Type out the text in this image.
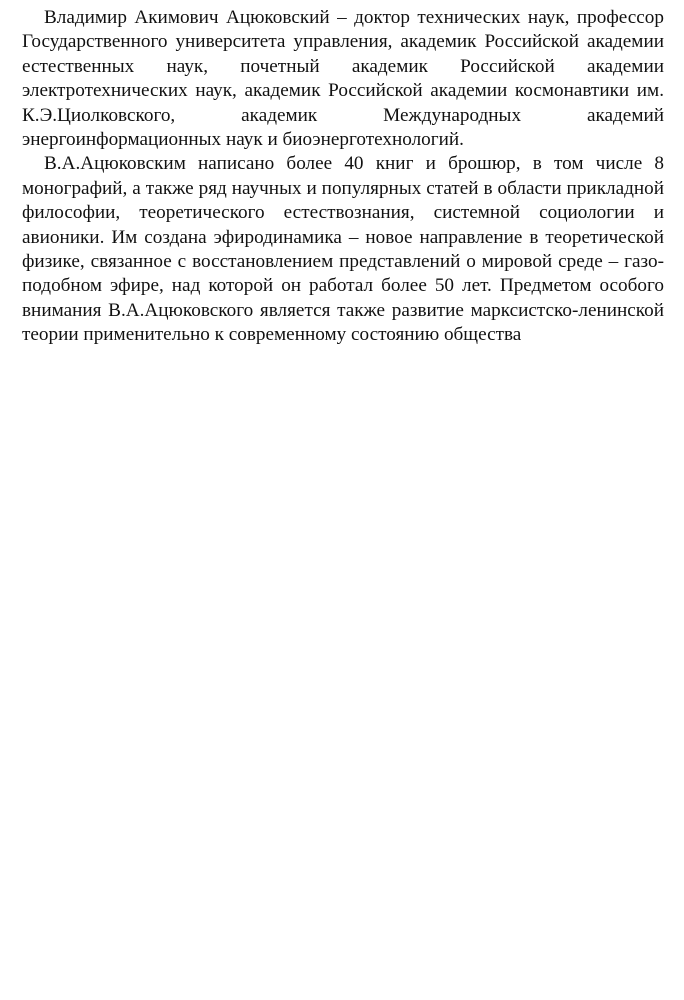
Владимир Акимович Ацюковский – доктор технических наук, профессор Государственного университета управления, академик Российской академии естественных наук, почетный академик Российской академии электротехнических наук, академик Российской академии космонавтики им. К.Э.Циолковского, академик Международных академий энергоинформационных наук и биоэнерготехнологий.

В.А.Ацюковским написано более 40 книг и брошюр, в том числе 8 монографий, а также ряд научных и популярных статей в области прикладной философии, теоретического естествознания, системной социологии и авионики. Им создана эфиродинамика – новое направление в теоретической физике, связанное с восстановлением представлений о мировой среде – газо-подобном эфире, над которой он работал более 50 лет. Предметом особого внимания В.А.Ацюковского является также развитие марксистско-ленинской теории применительно к современному состоянию общества
